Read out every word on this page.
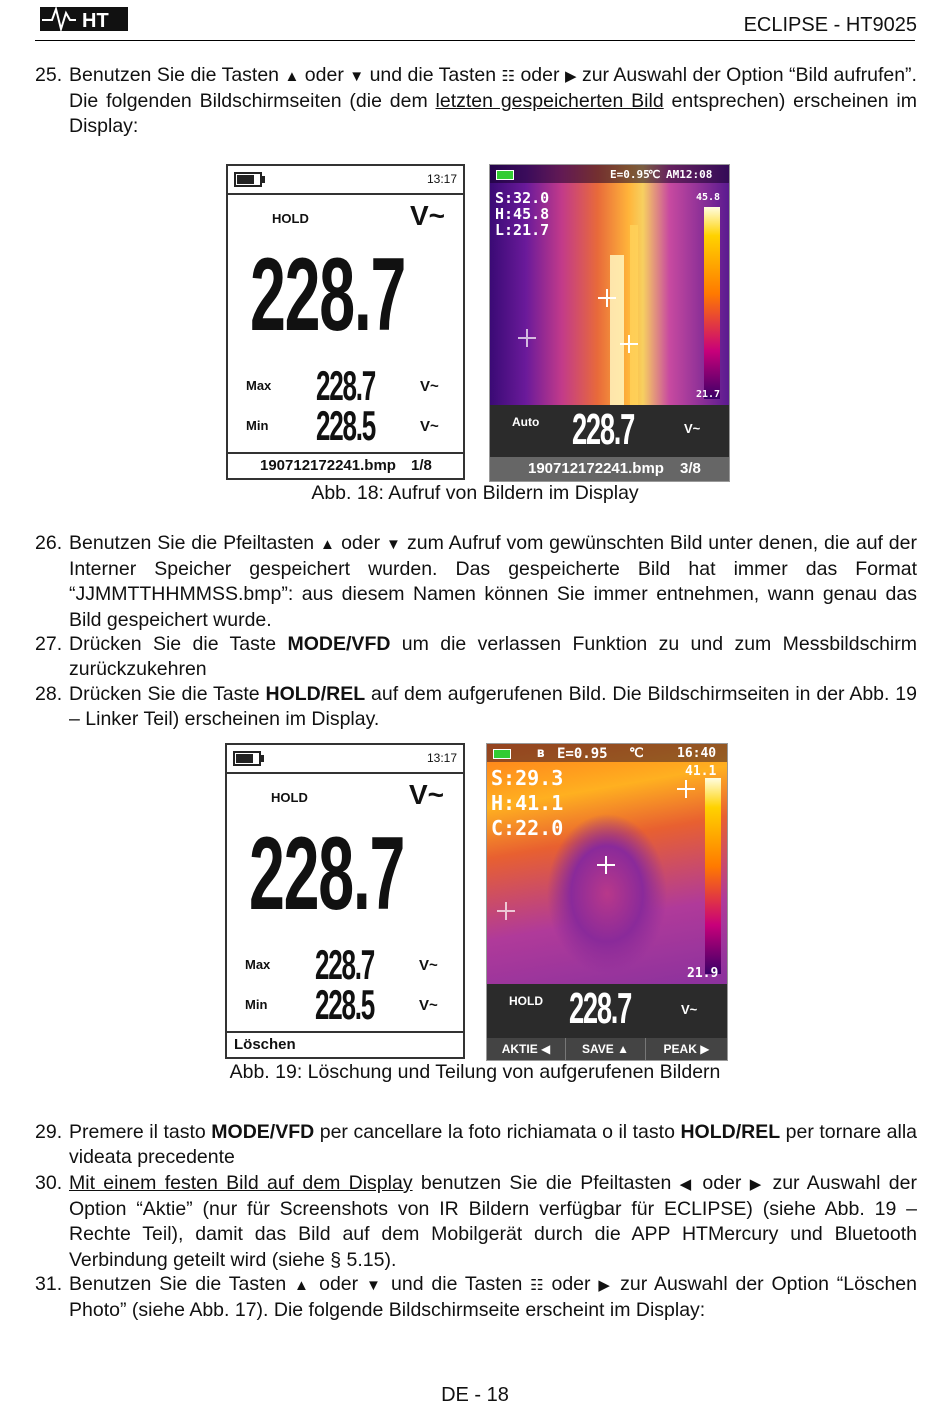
HT	ECLIPSE - HT9025
25. Benutzen Sie die Tasten ▲ oder ▼ und die Tasten ☷ oder ▶ zur Auswahl der Option “Bild aufrufen”. Die folgenden Bildschirmseiten (die dem letzten gespeicherten Bild entsprechen) erscheinen im Display:
13:17
HOLD	V~
228.7
Max 228.7	V~
Min 228.5	V~
190712172241.bmp 1/8
E=0.95
℃ AM12:08
S:32.0
H:45.8
L:21.7
45.8
21.7
Auto 228.7	V~
190712172241.bmp 3/8
Abb. 18: Aufruf von Bildern im Display
26. Benutzen Sie die Pfeiltasten ▲ oder ▼ zum Aufruf vom gewünschten Bild unter denen, die auf der Interner Speicher gespeichert wurden. Das gespeicherte Bild hat immer das Format “JJMMTTHHMMSS.bmp”: aus diesem Namen können Sie immer entnehmen, wann genau das Bild gespeichert wurde.
27. Drücken Sie die Taste MODE/VFD um die verlassen Funktion zu und zum Messbildschirm zurückzukehren
28. Drücken Sie die Taste HOLD/REL auf dem aufgerufenen Bild. Die Bildschirmseiten in der Abb. 19 – Linker Teil) erscheinen im Display.
13:17
HOLD	V~
228.7
Max 228.7	V~
Min 228.5	V~
Löschen
ʙ E=0.95 ℃	16:40
S:29.3
H:41.1
C:22.0
41.1
21.9
HOLD 228.7	V~
AKTIE ◀	SAVE ▲	PEAK ▶
Abb. 19: Löschung und Teilung von aufgerufenen Bildern
29. Premere il tasto MODE/VFD per cancellare la foto richiamata o il tasto HOLD/REL per tornare alla videata precedente
30. Mit einem festen Bild auf dem Display benutzen Sie die Pfeiltasten ◀ oder ▶ zur Auswahl der Option “Aktie” (nur für Screenshots von IR Bildern verfügbar für ECLIPSE) (siehe Abb. 19 – Rechte Teil), damit das Bild auf dem Mobilgerät durch die APP HTMercury und Bluetooth Verbindung geteilt wird (siehe § 5.15).
31. Benutzen Sie die Tasten ▲ oder ▼ und die Tasten ☷ oder ▶ zur Auswahl der Option “Löschen Photo” (siehe Abb. 17). Die folgende Bildschirmseite erscheint im Display:
DE - 18
